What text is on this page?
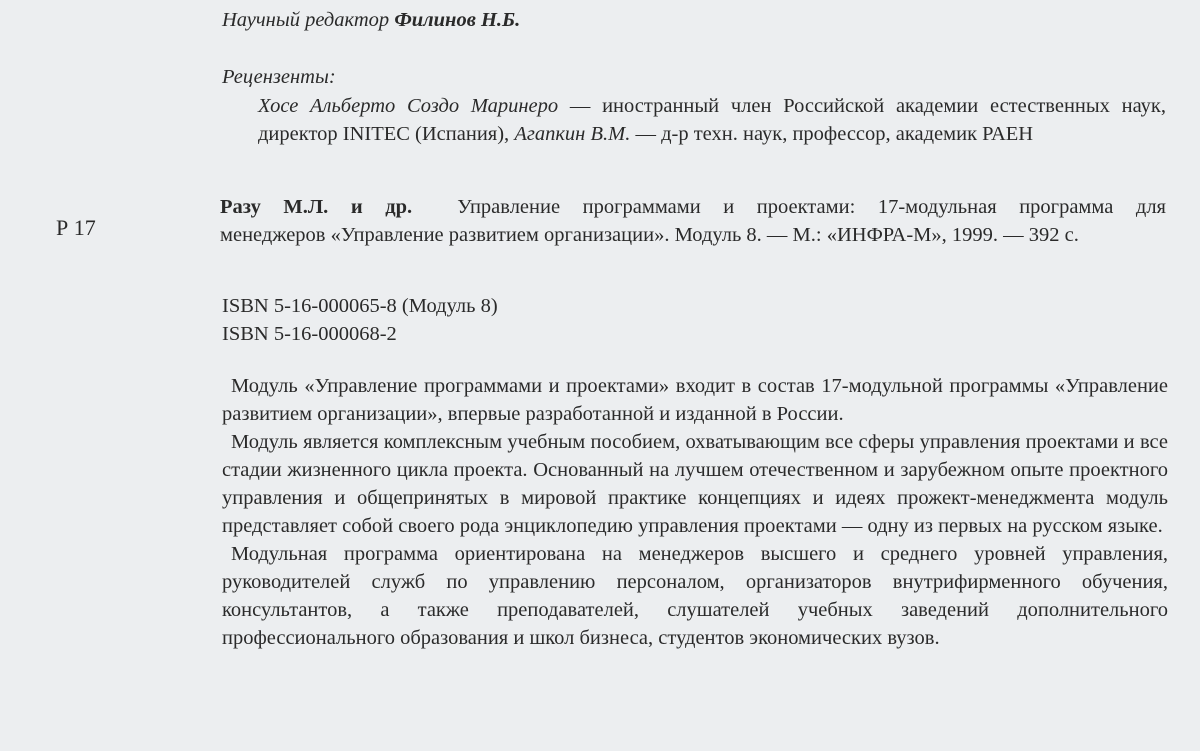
Научный редактор Филинов Н.Б.

Рецензенты:

Хосе Альберто Создо Маринеро — иностранный член Российской академии естественных наук, директор INITEC (Испания), Агапкин В.М. — д-р техн. наук, профессор, академик РАЕН

Р 17

Разу М.Л. и др. Управление программами и проектами: 17-модульная программа для
менеджеров «Управление развитием организации». Модуль 8. — М.: «ИНФРА-М», 1999. — 392 с.

ISBN 5-16-000065-8 (Модуль 8)
ISBN 5-16-000068-2

Модуль «Управление программами и проектами» входит в состав 17-модульной программы «Управление развитием организации», впервые разработанной и изданной в России.

Модуль является комплексным учебным пособием, охватывающим все сферы управления проектами и все стадии жизненного цикла проекта. Основанный на лучшем отечественном и зарубежном опыте проектного управления и общепринятых в мировой практике концепциях и идеях прожект-менеджмента модуль представляет собой своего рода энциклопедию управления проектами — одну из первых на русском языке.

Модульная программа ориентирована на менеджеров высшего и среднего уровней управления, руководителей служб по управлению персоналом, организаторов внутрифирменного обучения, консультантов, а также преподавателей, слушателей учебных заведений дополнительного профессионального образования и школ бизнеса, студентов экономических вузов.
